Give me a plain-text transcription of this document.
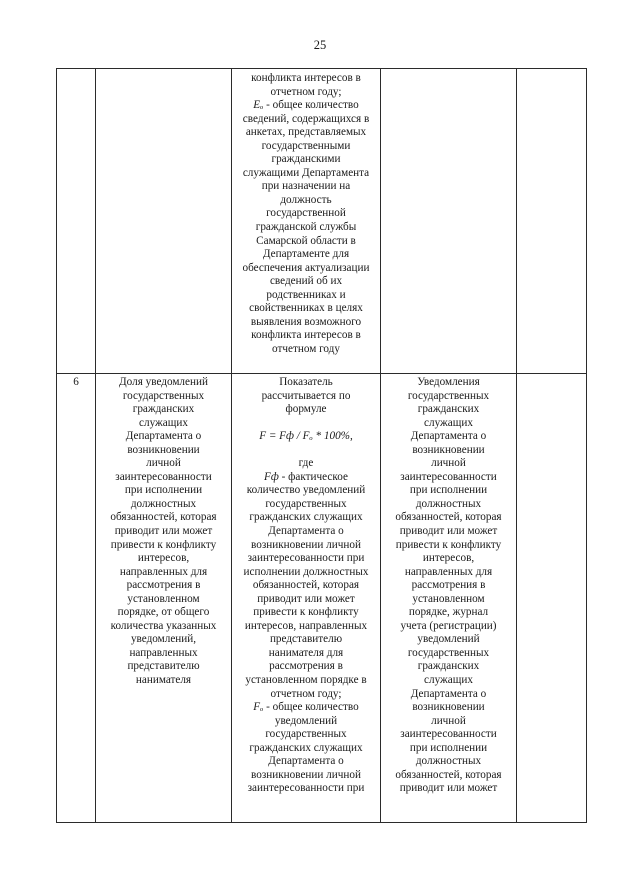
25
конфликта интересов в
отчетном году;
Eₒ - общее количество
сведений, содержащихся в
анкетах, представляемых
государственными
гражданскими
служащими Департамента
при назначении на
должность
государственной
гражданской службы
Самарской области в
Департаменте для
обеспечения актуализации
сведений об их
родственниках и
свойственниках в целях
выявления возможного
конфликта интересов в
отчетном году
6	Доля уведомлений
государственных
гражданских
служащих
Департамента о
возникновении
личной
заинтересованности
при исполнении
должностных
обязанностей, которая
приводит или может
привести к конфликту
интересов,
направленных для
рассмотрения в
установленном
порядке, от общего
количества указанных
уведомлений,
направленных
представителю
нанимателя
Показатель
рассчитывается по
формуле

F = Fф / Fₒ * 100%,

где
Fф - фактическое
количество уведомлений
государственных
гражданских служащих
Департамента о
возникновении личной
заинтересованности при
исполнении должностных
обязанностей, которая
приводит или может
привести к конфликту
интересов, направленных
представителю
нанимателя для
рассмотрения в
установленном порядке в
отчетном году;
Fₒ - общее количество
уведомлений
государственных
гражданских служащих
Департамента о
возникновении личной
заинтересованности при
Уведомления
государственных
гражданских
служащих
Департамента о
возникновении
личной
заинтересованности
при исполнении
должностных
обязанностей, которая
приводит или может
привести к конфликту
интересов,
направленных для
рассмотрения в
установленном
порядке, журнал
учета (регистрации)
уведомлений
государственных
гражданских
служащих
Департамента о
возникновении
личной
заинтересованности
при исполнении
должностных
обязанностей, которая
приводит или может
